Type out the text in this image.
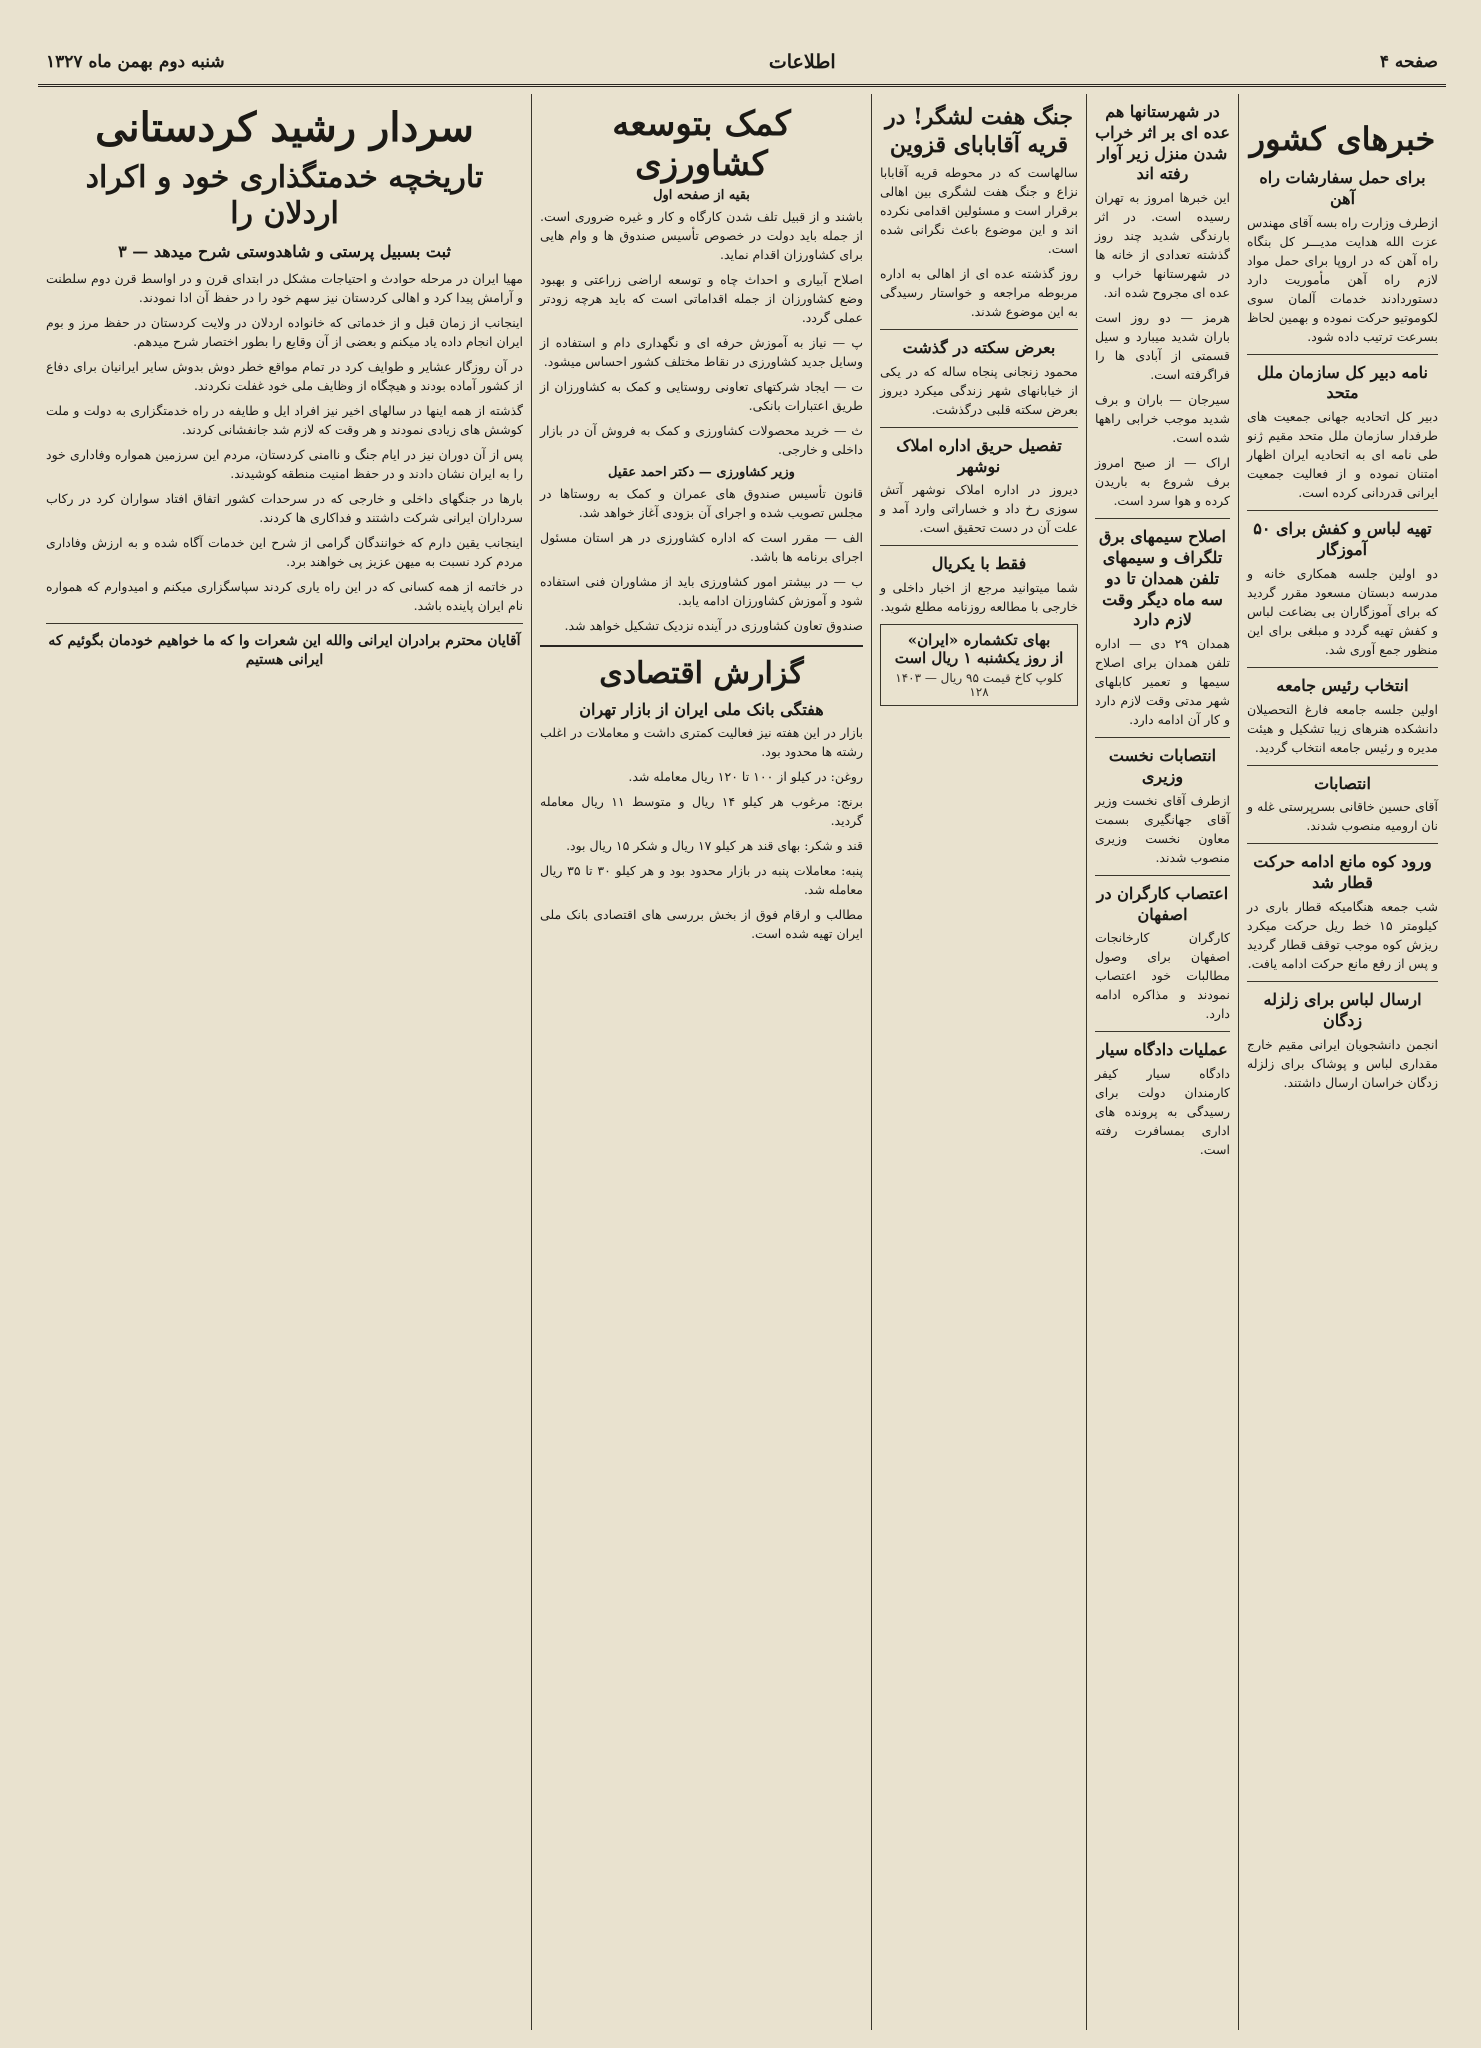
صفحه ۴
اطلاعات
شنبه دوم بهمن ماه ۱۳۲۷
خبرهای کشور
برای حمل سفارشات راه آهن

ازطرف وزارت راه بسه آقای مهندس عزت الله هدایت مدیـــر کل بنگاه راه آهن که در اروپا برای حمل مواد لازم راه آهن مأموریت دارد دستوردادند خدمات آلمان سوی لکوموتیو حرکت نموده و بهمین لحاظ بسرعت ترتیب داده شود.

نامه دبیر کل سازمان ملل متحد

دبیر کل اتحادیه جهانی جمعیت های طرفدار سازمان ملل متحد مقیم ژنو طی نامه ای به اتحادیه ایران اظهار امتنان نموده و از فعالیت جمعیت ایرانی قدردانی کرده است.

تهیه لباس و کفش برای ۵۰ آموزگار

دو اولین جلسه همکاری خانه و مدرسه دبستان مسعود مقرر گردید که برای آموزگاران بی بضاعت لباس و کفش تهیه گردد و مبلغی برای این منظور جمع آوری شد.

انتخاب رئیس جامعه

اولین جلسه جامعه فارغ التحصیلان دانشکده هنرهای زیبا تشکیل و هیئت مدیره و رئیس جامعه انتخاب گردید.

انتصابات

آقای حسین خاقانی بسرپرستی غله و نان ارومیه منصوب شدند.

ورود کوه مانع ادامه حرکت قطار شد

شب جمعه هنگامیکه قطار باری در کیلومتر ۱۵ خط ریل حرکت میکرد ریزش کوه موجب توقف قطار گردید و پس از رفع مانع حرکت ادامه یافت.

ارسال لباس برای زلزله زدگان

انجمن دانشجویان ایرانی مقیم خارج مقداری لباس و پوشاک برای زلزله زدگان خراسان ارسال داشتند.

در شهرستانها هم عده ای بر اثر خراب شدن منزل زیر آوار رفته اند

این خبرها امروز به تهران رسیده است. در اثر بارندگی شدید چند روز گذشته تعدادی از خانه ها در شهرستانها خراب و عده ای مجروح شده اند.

هرمز — دو روز است باران شدید میبارد و سیل قسمتی از آبادی ها را فراگرفته است.

سیرجان — باران و برف شدید موجب خرابی راهها شده است.

اراک — از صبح امروز برف شروع به باریدن کرده و هوا سرد است.

اصلاح سیمهای برق تلگراف و سیمهای تلفن همدان تا دو سه ماه دیگر وقت لازم دارد

همدان ۲۹ دی — اداره تلفن همدان برای اصلاح سیمها و تعمیر کابلهای شهر مدتی وقت لازم دارد و کار آن ادامه دارد.

انتصابات نخست وزیری

ازطرف آقای نخست وزیر آقای جهانگیری بسمت معاون نخست وزیری منصوب شدند.

اعتصاب کارگران در اصفهان

کارگران کارخانجات اصفهان برای وصول مطالبات خود اعتصاب نمودند و مذاکره ادامه دارد.

عملیات دادگاه سیار

دادگاه سیار کیفر کارمندان دولت برای رسیدگی به پرونده های اداری بمسافرت رفته است.

جنگ هفت لشگر! در قریه آقابابای قزوین

سالهاست که در محوطه قریه آقابابا نزاع و جنگ هفت لشگری بین اهالی برقرار است و مسئولین اقدامی نکرده اند و این موضوع باعث نگرانی شده است.

روز گذشته عده ای از اهالی به اداره مربوطه مراجعه و خواستار رسیدگی به این موضوع شدند.

بعرض سکته در گذشت

محمود زنجانی پنجاه ساله که در یکی از خیابانهای شهر زندگی میکرد دیروز بعرض سکته قلبی درگذشت.

تفصیل حریق اداره املاک نوشهر

دیروز در اداره املاک نوشهر آتش سوزی رخ داد و خساراتی وارد آمد و علت آن در دست تحقیق است.

فقط با یکریال

شما میتوانید مرجع از اخبار داخلی و خارجی با مطالعه روزنامه مطلع شوید.

بهای تکشماره «ایران»
از روز یکشنبه ۱ ریال است
کلوپ کاخ قیمت ۹۵ ریال — ۱۴۰۳ ۱۲۸
کمک بتوسعه کشاورزی
بقیه از صفحه اول

باشند و از قبیل تلف شدن کارگاه و کار و غیره ضروری است. از جمله باید دولت در خصوص تأسیس صندوق ها و وام هایی برای کشاورزان اقدام نماید.

اصلاح آبیاری و احداث چاه و توسعه اراضی زراعتی و بهبود وضع کشاورزان از جمله اقداماتی است که باید هرچه زودتر عملی گردد.

پ — نیاز به آموزش حرفه ای و نگهداری دام و استفاده از وسایل جدید کشاورزی در نقاط مختلف کشور احساس میشود.

ت — ایجاد شرکتهای تعاونی روستایی و کمک به کشاورزان از طریق اعتبارات بانکی.

ث — خرید محصولات کشاورزی و کمک به فروش آن در بازار داخلی و خارجی.

وزیر کشاورزی — دکتر احمد عقیل

قانون تأسیس صندوق های عمران و کمک به روستاها در مجلس تصویب شده و اجرای آن بزودی آغاز خواهد شد.

الف — مقرر است که اداره کشاورزی در هر استان مسئول اجرای برنامه ها باشد.

ب — در بیشتر امور کشاورزی باید از مشاوران فنی استفاده شود و آموزش کشاورزان ادامه یابد.

صندوق تعاون کشاورزی در آینده نزدیک تشکیل خواهد شد.

گزارش اقتصادی
هفتگی بانک ملی ایران از بازار تهران

بازار در این هفته نیز فعالیت کمتری داشت و معاملات در اغلب رشته ها محدود بود.

روغن: در کیلو از ۱۰۰ تا ۱۲۰ ریال معامله شد.

برنج: مرغوب هر کیلو ۱۴ ریال و متوسط ۱۱ ریال معامله گردید.

قند و شکر: بهای قند هر کیلو ۱۷ ریال و شکر ۱۵ ریال بود.

پنبه: معاملات پنبه در بازار محدود بود و هر کیلو ۳۰ تا ۳۵ ریال معامله شد.

مطالب و ارقام فوق از بخش بررسی های اقتصادی بانک ملی ایران تهیه شده است.

سردار رشید کردستانی
تاریخچه خدمتگذاری خود و اکراد اردلان را
ثبت بسبیل پرستی و شاهدوستی شرح میدهد — ۳

مهیا ایران در مرحله حوادث و احتیاجات مشکل در ابتدای قرن و در اواسط قرن دوم سلطنت و آرامش پیدا کرد و اهالی کردستان نیز سهم خود را در حفظ آن ادا نمودند.

اینجانب از زمان قبل و از خدماتی که خانواده اردلان در ولایت کردستان در حفظ مرز و بوم ایران انجام داده یاد میکنم و بعضی از آن وقایع را بطور اختصار شرح میدهم.

در آن روزگار عشایر و طوایف کرد در تمام مواقع خطر دوش بدوش سایر ایرانیان برای دفاع از کشور آماده بودند و هیچگاه از وظایف ملی خود غفلت نکردند.

گذشته از همه اینها در سالهای اخیر نیز افراد ایل و طایفه در راه خدمتگزاری به دولت و ملت کوشش های زیادی نمودند و هر وقت که لازم شد جانفشانی کردند.

پس از آن دوران نیز در ایام جنگ و ناامنی کردستان، مردم این سرزمین همواره وفاداری خود را به ایران نشان دادند و در حفظ امنیت منطقه کوشیدند.

بارها در جنگهای داخلی و خارجی که در سرحدات کشور اتفاق افتاد سواران کرد در رکاب سرداران ایرانی شرکت داشتند و فداکاری ها کردند.

اینجانب یقین دارم که خوانندگان گرامی از شرح این خدمات آگاه شده و به ارزش وفاداری مردم کرد نسبت به میهن عزیز پی خواهند برد.

در خاتمه از همه کسانی که در این راه یاری کردند سپاسگزاری میکنم و امیدوارم که همواره نام ایران پاینده باشد.

آقایان محترم برادران ایرانی والله این شعرات وا که ما خواهیم خودمان بگوئیم که ایرانی هستیم
